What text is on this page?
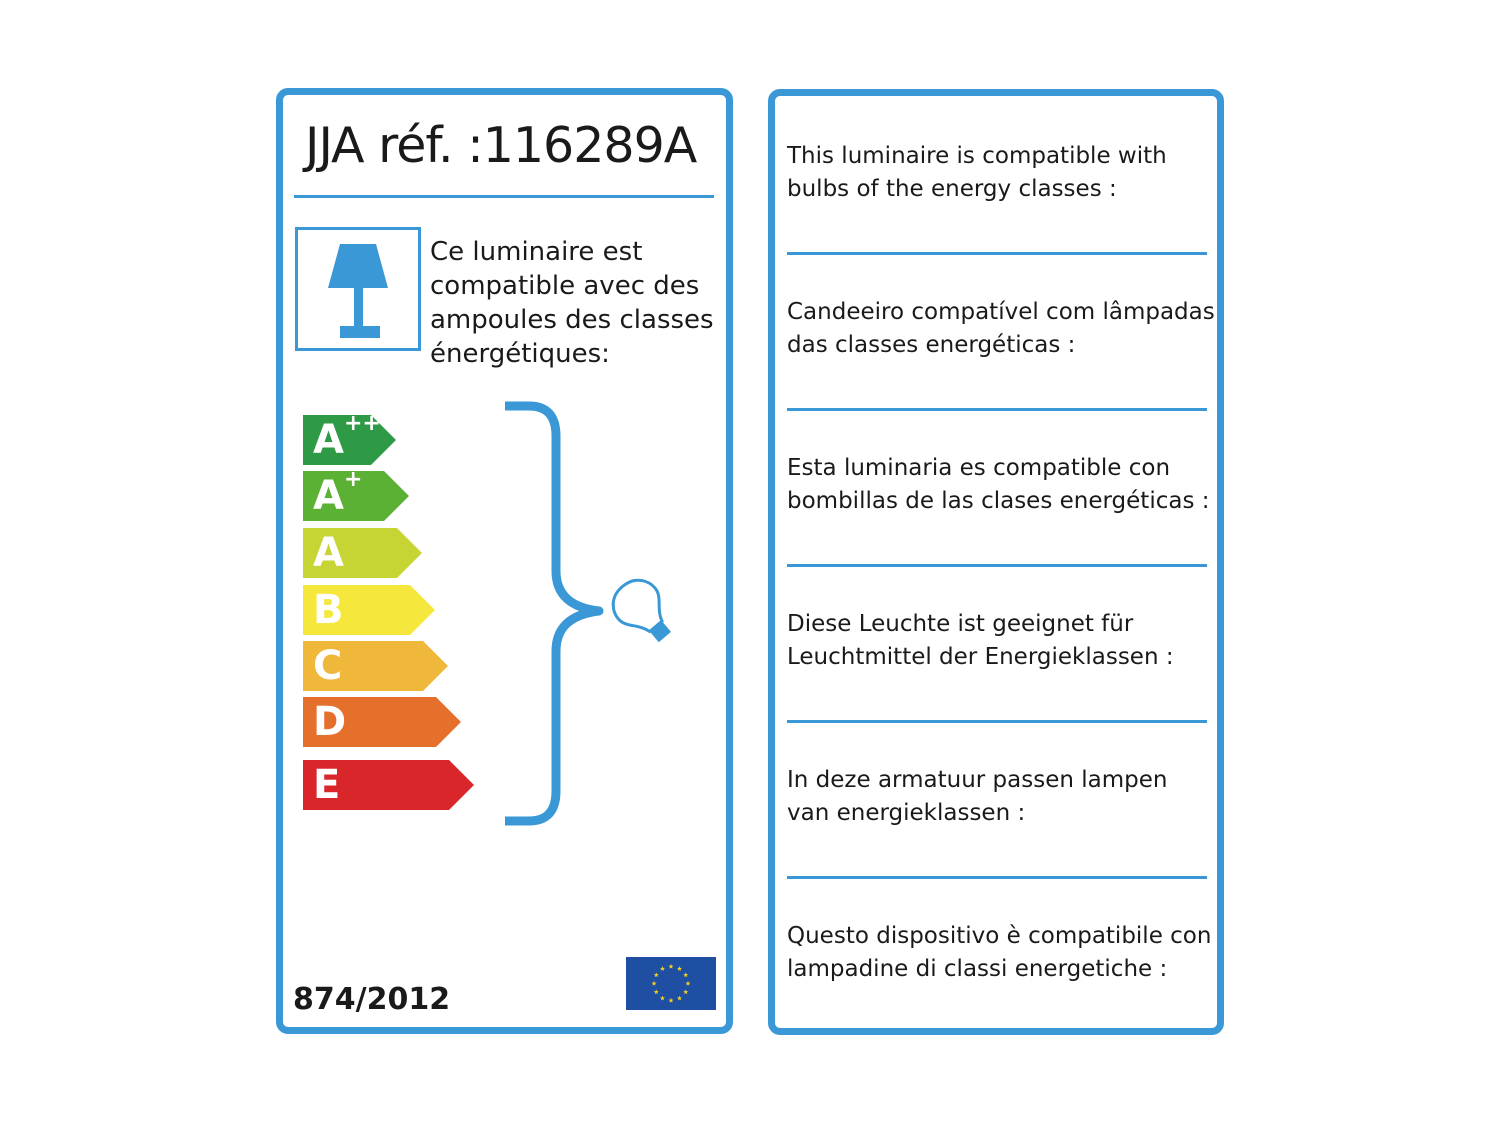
JJA réf. :116289A
Ce luminaire est compatible avec des ampoules des classes énergétiques:
A++
A+
A
B
C
D
E
874/2012
This luminaire is compatible with bulbs of the energy classes :
Candeeiro compatível com lâmpadas das classes energéticas :
Esta luminaria es compatible con bombillas de las clases energéticas :
Diese Leuchte ist geeignet für Leuchtmittel der Energieklassen :
In deze armatuur passen lampen van energieklassen :
Questo dispositivo è compatibile con lampadine di classi energetiche :
